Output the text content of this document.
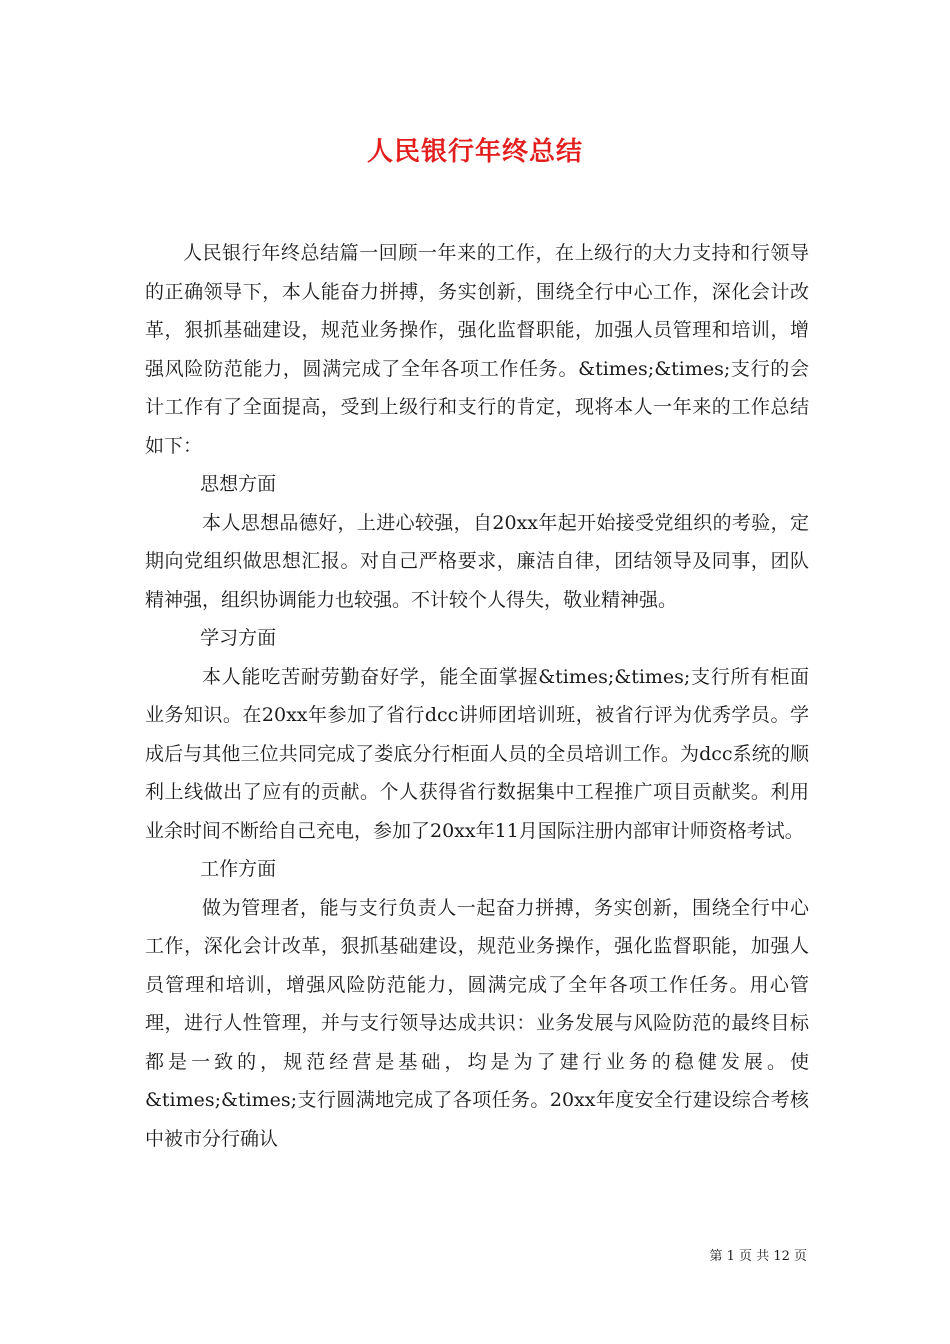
人民银行年终总结

人民银行年终总结篇一回顾一年来的工作，在上级行的大力支持和行领导的正确领导下，本人能奋力拼搏，务实创新，围绕全行中心工作，深化会计改革，狠抓基础建设，规范业务操作，强化监督职能，加强人员管理和培训，增强风险防范能力，圆满完成了全年各项工作任务。&times;&times;支行的会计工作有了全面提高，受到上级行和支行的肯定，现将本人一年来的工作总结如下：

思想方面

本人思想品德好，上进心较强，自20xx年起开始接受党组织的考验，定期向党组织做思想汇报。对自己严格要求，廉洁自律，团结领导及同事，团队精神强，组织协调能力也较强。不计较个人得失，敬业精神强。

学习方面

本人能吃苦耐劳勤奋好学，能全面掌握&times;&times;支行所有柜面业务知识。在20xx年参加了省行dcc讲师团培训班，被省行评为优秀学员。学成后与其他三位共同完成了娄底分行柜面人员的全员培训工作。为dcc系统的顺利上线做出了应有的贡献。个人获得省行数据集中工程推广项目贡献奖。利用业余时间不断给自己充电，参加了20xx年11月国际注册内部审计师资格考试。

工作方面

做为管理者，能与支行负责人一起奋力拼搏，务实创新，围绕全行中心工作，深化会计改革，狠抓基础建设，规范业务操作，强化监督职能，加强人员管理和培训，增强风险防范能力，圆满完成了全年各项工作任务。用心管理，进行人性管理，并与支行领导达成共识：业务发展与风险防范的最终目标都是一致的，规范经营是基础，均是为了建行业务的稳健发展。使&times;&times;支行圆满地完成了各项任务。20xx年度安全行建设综合考核中被市分行确认

第 1 页 共 12 页
